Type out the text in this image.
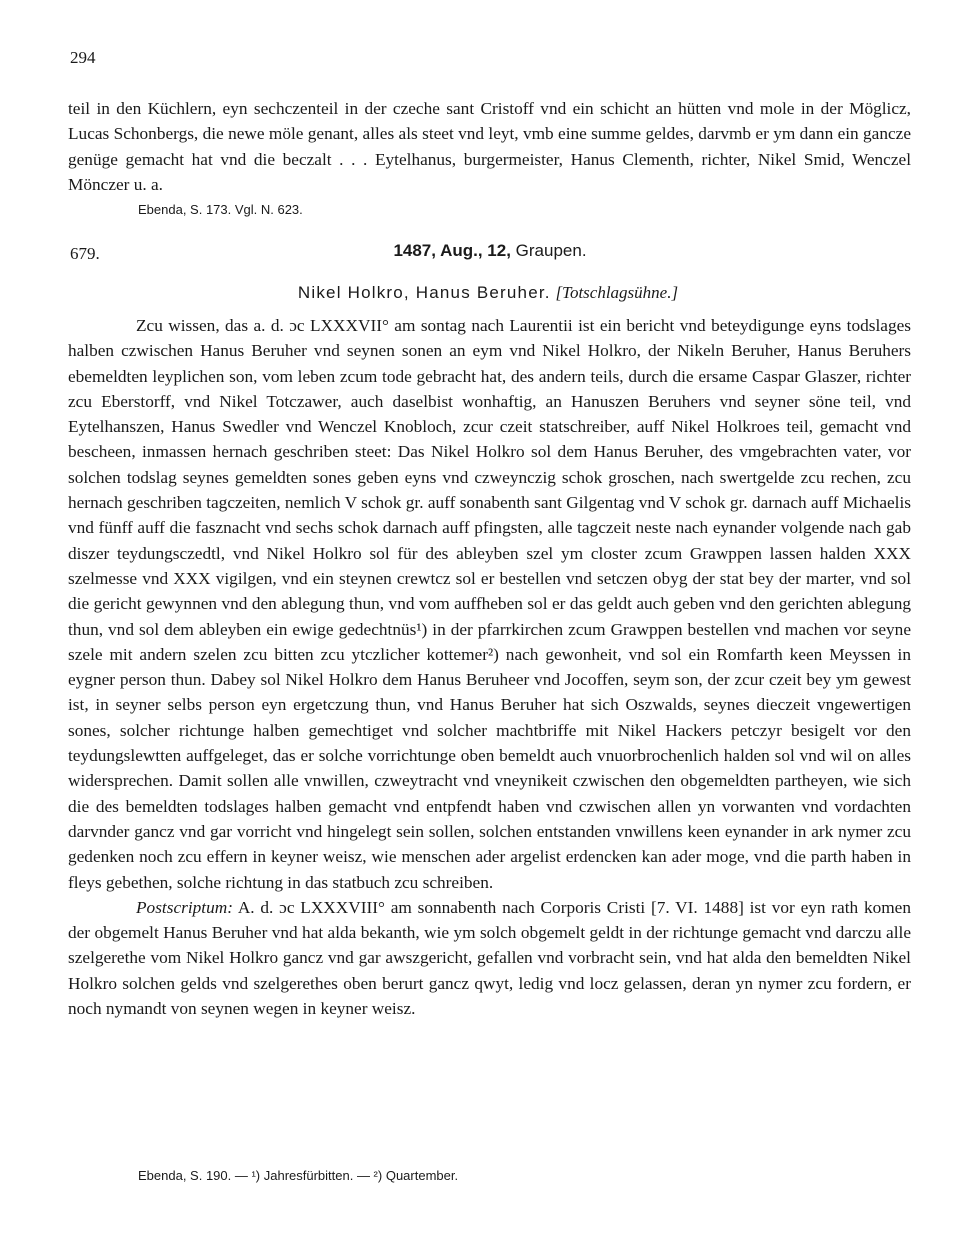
294

teil in den Küchlern, eyn sechczenteil in der czeche sant Cristoff vnd ein schicht an hütten vnd mole in der Möglicz, Lucas Schonbergs, die newe möle genant, alles als steet vnd leyt, vmb eine summe geldes, darvmb er ym dann ein gancze genüge gemacht hat vnd die beczalt . . . Eytelhanus, burgermeister, Hanus Clementh, richter, Nikel Smid, Wenczel Mönczer u. a.

Ebenda, S. 173. Vgl. N. 623.
679.	1487, Aug., 12, Graupen.
Nikel Holkro, Hanus Beruher. [Totschlagsühne.]

Zcu wissen, das a. d. ɔc LXXXVII° am sontag nach Laurentii ist ein bericht vnd beteydigunge eyns todslages halben czwischen Hanus Beruher vnd seynen sonen an eym vnd Nikel Holkro, der Nikeln Beruher, Hanus Beruhers ebemeldten leyplichen son, vom leben zcum tode gebracht hat, des andern teils, durch die ersame Caspar Glaszer, richter zcu Eberstorff, vnd Nikel Totczawer, auch daselbist wonhaftig, an Hanuszen Beruhers vnd seyner söne teil, vnd Eytelhanszen, Hanus Swedler vnd Wenczel Knobloch, zcur czeit statschreiber, auff Nikel Holkroes teil, gemacht vnd bescheen, inmassen hernach geschriben steet: Das Nikel Holkro sol dem Hanus Beruher, des vmgebrachten vater, vor solchen todslag seynes gemeldten sones geben eyns vnd czweynczig schok groschen, nach swertgelde zcu rechen, zcu hernach geschriben tagczeiten, nemlich V schok gr. auff sonabenth sant Gilgentag vnd V schok gr. darnach auff Michaelis vnd fünff auff die fasznacht vnd sechs schok darnach auff pfingsten, alle tagczeit neste nach eynander volgende nach gab diszer teydungsczedtl, vnd Nikel Holkro sol für des ableyben szel ym closter zcum Grawppen lassen halden XXX szelmesse vnd XXX vigilgen, vnd ein steynen crewtcz sol er bestellen vnd setczen obyg der stat bey der marter, vnd sol die gericht gewynnen vnd den ablegung thun, vnd vom auffheben sol er das geldt auch geben vnd den gerichten ablegung thun, vnd sol dem ableyben ein ewige gedechtnüs¹) in der pfarrkirchen zcum Grawppen bestellen vnd machen vor seyne szele mit andern szelen zcu bitten zcu ytczlicher kottemer²) nach gewonheit, vnd sol ein Romfarth keen Meyssen in eygner person thun. Dabey sol Nikel Holkro dem Hanus Beruheer vnd Jocoffen, seym son, der zcur czeit bey ym gewest ist, in seyner selbs person eyn ergetczung thun, vnd Hanus Beruher hat sich Oszwalds, seynes dieczeit vngewertigen sones, solcher richtunge halben gemechtiget vnd solcher machtbriffe mit Nikel Hackers petczyr besigelt vor den teydungslewtten auffgeleget, das er solche vorrichtunge oben bemeldt auch vnuorbrochenlich halden sol vnd wil on alles widersprechen. Damit sollen alle vnwillen, czweytracht vnd vneynikeit czwischen den obgemeldten partheyen, wie sich die des bemeldten todslages halben gemacht vnd entpfendt haben vnd czwischen allen yn vorwanten vnd vordachten darvnder gancz vnd gar vorricht vnd hingelegt sein sollen, solchen entstanden vnwillens keen eynander in ark nymer zcu gedenken noch zcu effern in keyner weisz, wie menschen ader argelist erdencken kan ader moge, vnd die parth haben in fleys gebethen, solche richtung in das statbuch zcu schreiben.

Postscriptum: A. d. ɔc LXXXVIII° am sonnabenth nach Corporis Cristi [7. VI. 1488] ist vor eyn rath komen der obgemelt Hanus Beruher vnd hat alda bekanth, wie ym solch obgemelt geldt in der richtunge gemacht vnd darczu alle szelgerethe vom Nikel Holkro gancz vnd gar awszgericht, gefallen vnd vorbracht sein, vnd hat alda den bemeldten Nikel Holkro solchen gelds vnd szelgerethes oben berurt gancz qwyt, ledig vnd locz gelassen, deran yn nymer zcu fordern, er noch nymandt von seynen wegen in keyner weisz.

Ebenda, S. 190. — ¹) Jahresfürbitten. — ²) Quartember.
